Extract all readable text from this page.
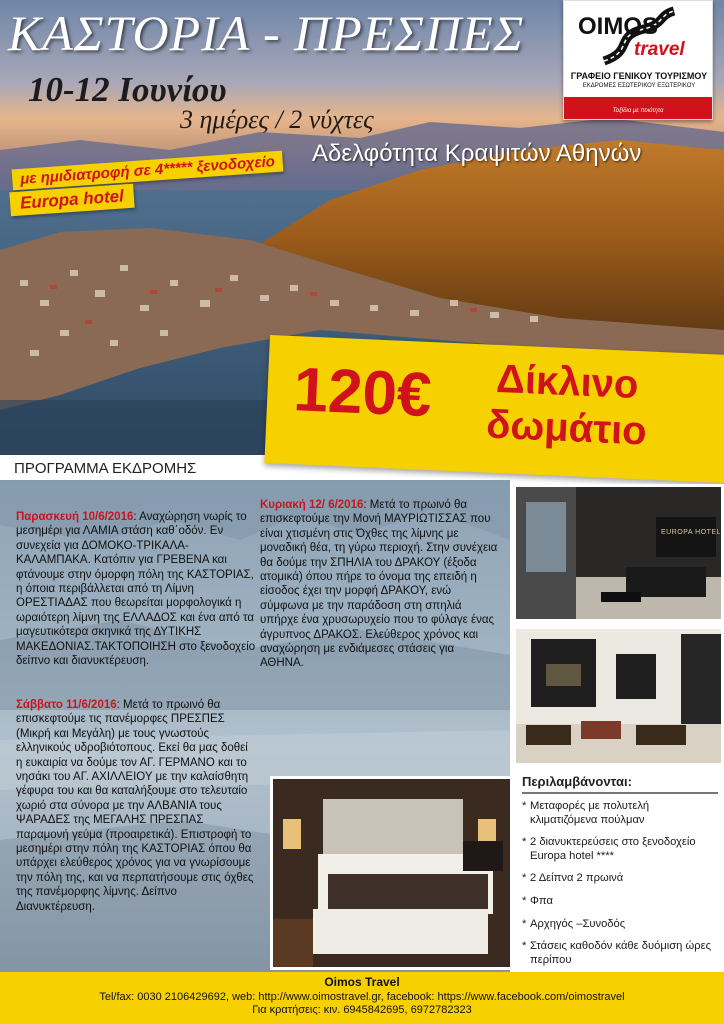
ΚΑΣΤΟΡΙΑ - ΠΡΕΣΠΕΣ
10-12 Ιουνίου
3 ημέρες / 2 νύχτες
Αδελφότητα Κραψιτών Αθηνών
με ημιδιατροφή σε 4***** ξενοδοχείο
Europa hotel
OIMOS
travel
ΓΡΑΦΕΙΟ ΓΕΝΙΚΟΥ ΤΟΥΡΙΣΜΟΥ
ΕΚΔΡΟΜΕΣ ΕΣΩΤΕΡΙΚΟΥ ΕΞΩΤΕΡΙΚΟΥ
Ταξίδια με ποιότητα
120€ Δίκλινο
δωμάτιο
ΠΡΟΓΡΑΜΜΑ ΕΚΔΡΟΜΗΣ
Παρασκευή 10/6/2016: Αναχώρηση νωρίς το μεσημέρι για ΛΑΜΙΑ στάση καθ΄οδόν. Εν συνεχεία για ΔΟΜΟΚΟ-ΤΡΙΚΑΛΑ-ΚΑΛΑΜΠΑΚΑ. Κατόπιν για ΓΡΕΒΕΝΑ και φτάνουμε στην όμορφη πόλη της ΚΑΣΤΟΡΙΑΣ, η όποια περιβάλλεται από τη Λίμνη ΟΡΕΣΤΙΑΔΑΣ που θεωρείται μορφολογικά η ωραιότερη λίμνη της ΕΛΛΑΔΟΣ και ένα από τα μαγευτικότερα σκηνικά της ΔΥΤΙΚΗΣ ΜΑΚΕΔΟΝΙΑΣ.ΤΑΚΤΟΠΟΙΗΣΗ στο ξενοδοχείο δείπνο και διανυκτέρευση.
Σάββατο 11/6/2016: Μετά το πρωινό θα επισκεφτούμε τις πανέμορφες ΠΡΕΣΠΕΣ (Μικρή και Μεγάλη) με τους γνωστούς ελληνικούς υδροβιότοπους. Εκεί θα μας δοθεί η ευκαιρία να δούμε τον ΑΓ. ΓΕΡΜΑΝΟ και το νησάκι του ΑΓ. ΑΧΙΛΛΕΙΟΥ με την καλαίσθητη γέφυρα του και θα καταλήξουμε στο τελευταίο χωριό στα σύνορα με την ΑΛΒΑΝΙΑ τους ΨΑΡΑΔΕΣ της ΜΕΓΑΛΗΣ ΠΡΕΣΠΑΣ παραμονή γεύμα (προαιρετικά). Επιστροφή το μεσημέρι στην πόλη της ΚΑΣΤΟΡΙΑΣ όπου θα υπάρχει ελεύθερος χρόνος για να γνωρίσουμε την πόλη της, και να περπατήσουμε στις όχθες της πανέμορφης λίμνης. Δείπνο Διανυκτέρευση.
Κυριακή 12/ 6/2016: Μετά το πρωινό θα επισκεφτούμε την Μονή ΜΑΥΡΙΩΤΙΣΣΑΣ που είναι χτισμένη στις Όχθες της λίμνης με μοναδική θέα, τη γύρω περιοχή. Στην συνέχεια θα δούμε την ΣΠΗΛΙΑ του ΔΡΑΚΟΥ (έξοδα ατομικά) όπου πήρε το όνομα της επειδή η είσοδος έχει την μορφή ΔΡΑΚΟΥ, ενώ σύμφωνα με την παράδοση στη σπηλιά υπήρχε ένα χρυσωρυχείο που το φύλαγε ένας άγρυπνος ΔΡΑΚΟΣ. Ελεύθερος χρόνος και αναχώρηση με ενδιάμεσες στάσεις για ΑΘΗΝΑ.
EUROPA HOTEL
Περιλαμβάνονται:
* Μεταφορές με πολυτελή κλιματιζόμενα πούλμαν
* 2 διανυκτερεύσεις στο ξενοδοχείο Europa hotel ****
* 2 Δείπνα 2 πρωινά
* Φπα
* Αρχηγός –Συνοδός
* Στάσεις καθοδόν κάθε δυόμιση ώρες περίπου
Oimos Travel
Tel/fax: 0030 2106429692, web: http://www.oimostravel.gr, facebook: https://www.facebook.com/oimostravel
Για κρατήσεις: κιν. 6945842695, 6972782323
